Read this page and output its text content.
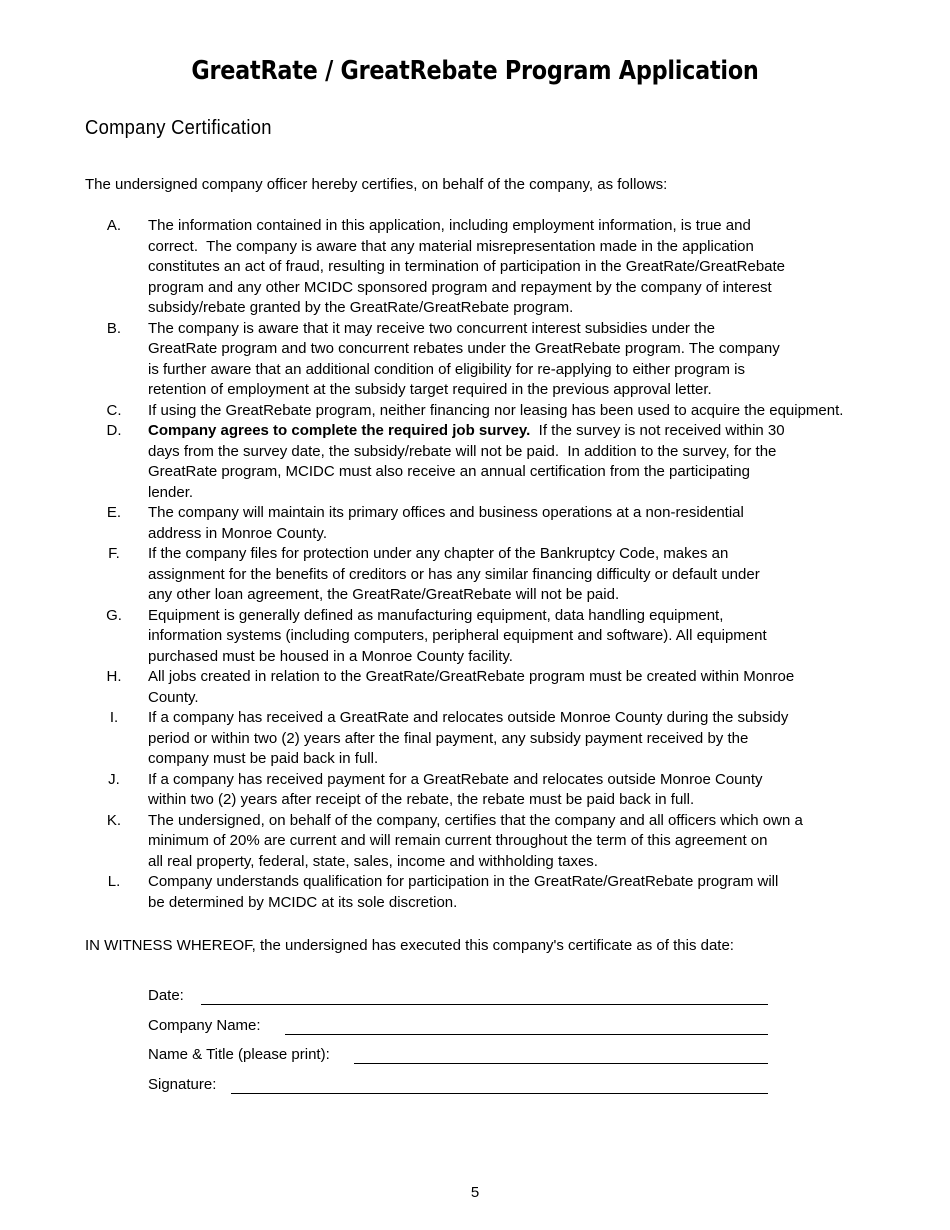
GreatRate / GreatRebate Program Application
Company Certification
The undersigned company officer hereby certifies, on behalf of the company, as follows:
A.	The information contained in this application, including employment information, is true and
correct.  The company is aware that any material misrepresentation made in the application
constitutes an act of fraud, resulting in termination of participation in the GreatRate/GreatRebate
program and any other MCIDC sponsored program and repayment by the company of interest
subsidy/rebate granted by the GreatRate/GreatRebate program.
B.	The company is aware that it may receive two concurrent interest subsidies under the
GreatRate program and two concurrent rebates under the GreatRebate program. The company
is further aware that an additional condition of eligibility for re-applying to either program is
retention of employment at the subsidy target required in the previous approval letter.
C.	If using the GreatRebate program, neither financing nor leasing has been used to acquire the equipment.
D.	Company agrees to complete the required job survey.  If the survey is not received within 30
days from the survey date, the subsidy/rebate will not be paid.  In addition to the survey, for the
GreatRate program, MCIDC must also receive an annual certification from the participating
lender.
E.	The company will maintain its primary offices and business operations at a non-residential
address in Monroe County.
F.	If the company files for protection under any chapter of the Bankruptcy Code, makes an
assignment for the benefits of creditors or has any similar financing difficulty or default under
any other loan agreement, the GreatRate/GreatRebate will not be paid.
G.	Equipment is generally defined as manufacturing equipment, data handling equipment,
information systems (including computers, peripheral equipment and software). All equipment
purchased must be housed in a Monroe County facility.
H.	All jobs created in relation to the GreatRate/GreatRebate program must be created within Monroe
County.
I.	If a company has received a GreatRate and relocates outside Monroe County during the subsidy
period or within two (2) years after the final payment, any subsidy payment received by the
company must be paid back in full.
J.	If a company has received payment for a GreatRebate and relocates outside Monroe County
within two (2) years after receipt of the rebate, the rebate must be paid back in full.
K.	The undersigned, on behalf of the company, certifies that the company and all officers which own a
minimum of 20% are current and will remain current throughout the term of this agreement on
all real property, federal, state, sales, income and withholding taxes.
L.	Company understands qualification for participation in the GreatRate/GreatRebate program will
be determined by MCIDC at its sole discretion.
IN WITNESS WHEREOF, the undersigned has executed this company's certificate as of this date:
Date:
Company Name:
Name & Title (please print):
Signature:
5
